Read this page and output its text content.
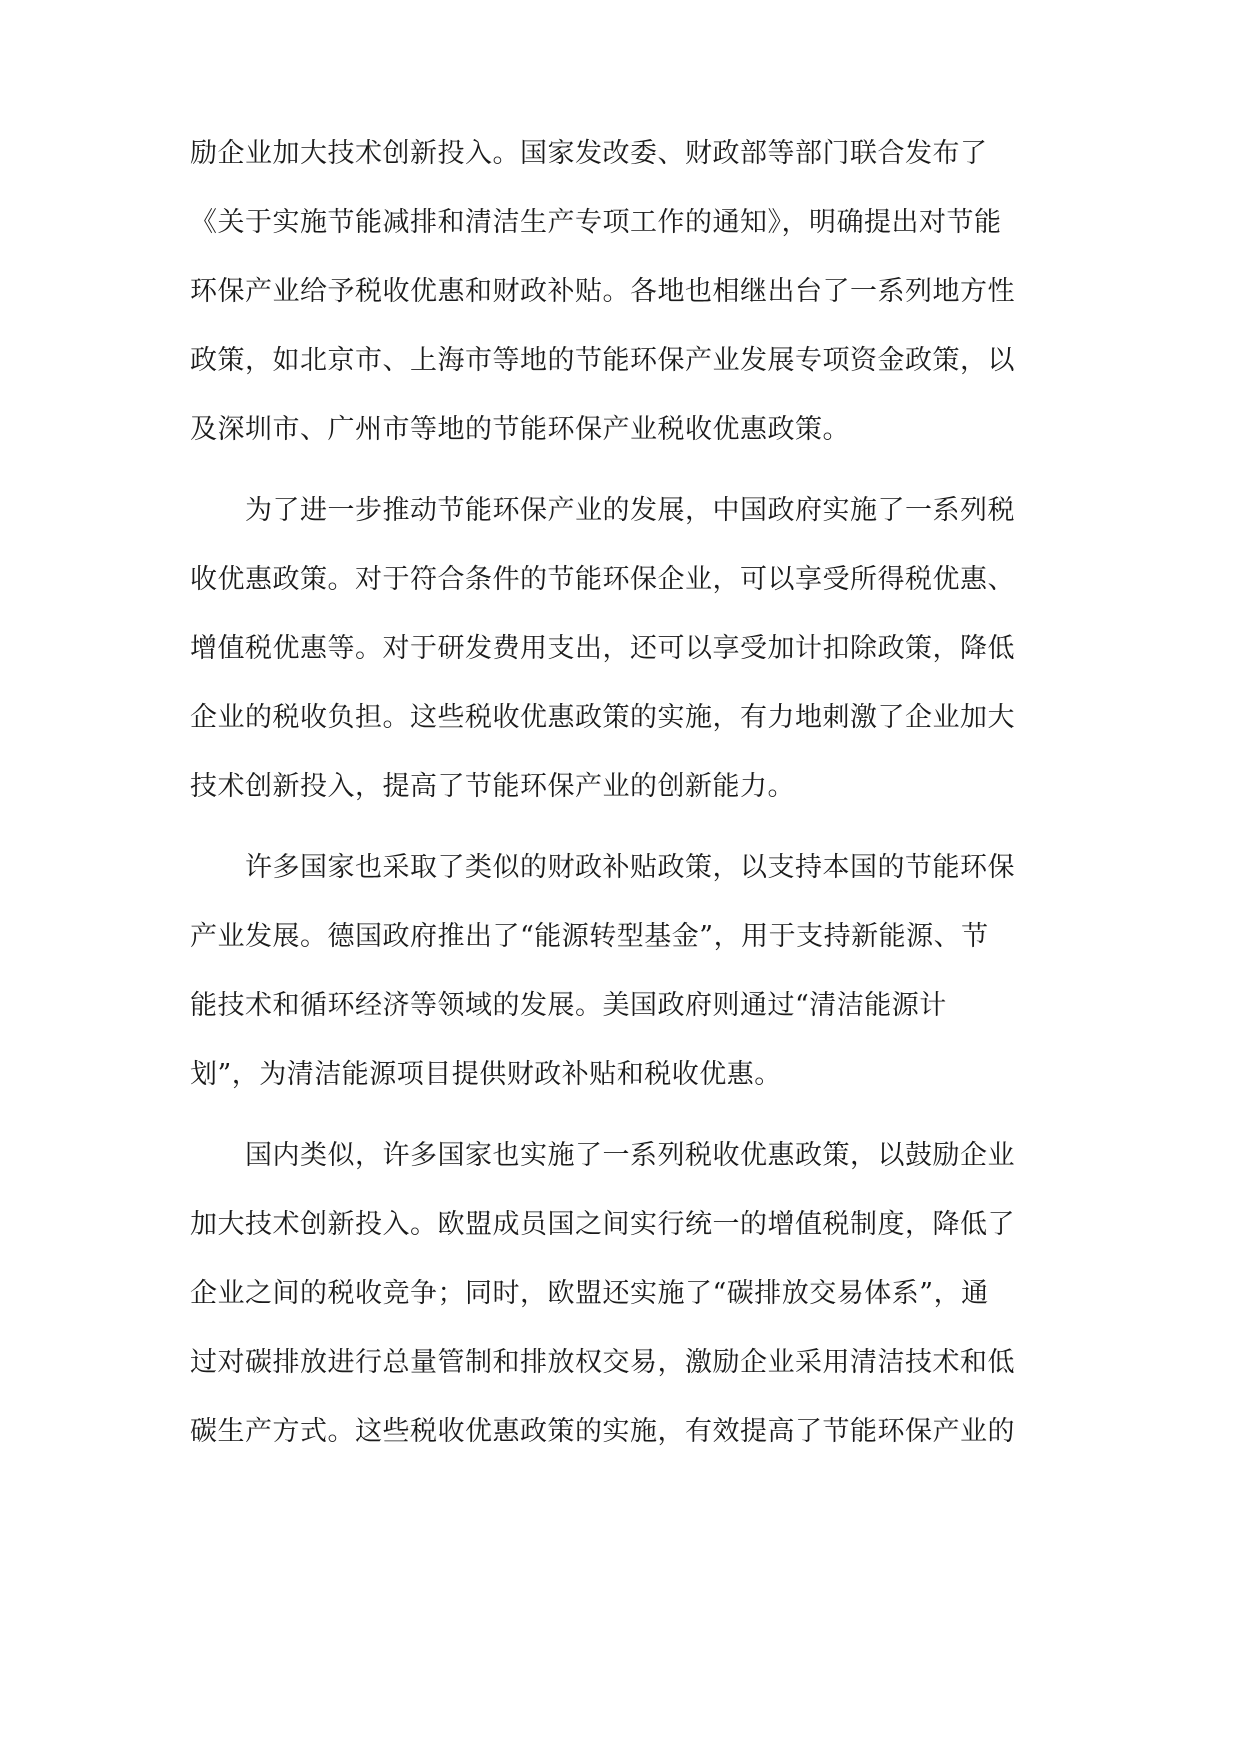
励企业加大技术创新投入。国家发改委、财政部等部门联合发布了
《关于实施节能减排和清洁生产专项工作的通知》，明确提出对节能
环保产业给予税收优惠和财政补贴。各地也相继出台了一系列地方性
政策，如北京市、上海市等地的节能环保产业发展专项资金政策，以
及深圳市、广州市等地的节能环保产业税收优惠政策。
为了进一步推动节能环保产业的发展，中国政府实施了一系列税
收优惠政策。对于符合条件的节能环保企业，可以享受所得税优惠、
增值税优惠等。对于研发费用支出，还可以享受加计扣除政策，降低
企业的税收负担。这些税收优惠政策的实施，有力地刺激了企业加大
技术创新投入，提高了节能环保产业的创新能力。
许多国家也采取了类似的财政补贴政策，以支持本国的节能环保
产业发展。德国政府推出了“能源转型基金”，用于支持新能源、节
能技术和循环经济等领域的发展。美国政府则通过“清洁能源计
划”，为清洁能源项目提供财政补贴和税收优惠。
国内类似，许多国家也实施了一系列税收优惠政策，以鼓励企业
加大技术创新投入。欧盟成员国之间实行统一的增值税制度，降低了
企业之间的税收竞争；同时，欧盟还实施了“碳排放交易体系”，通
过对碳排放进行总量管制和排放权交易，激励企业采用清洁技术和低
碳生产方式。这些税收优惠政策的实施，有效提高了节能环保产业的
